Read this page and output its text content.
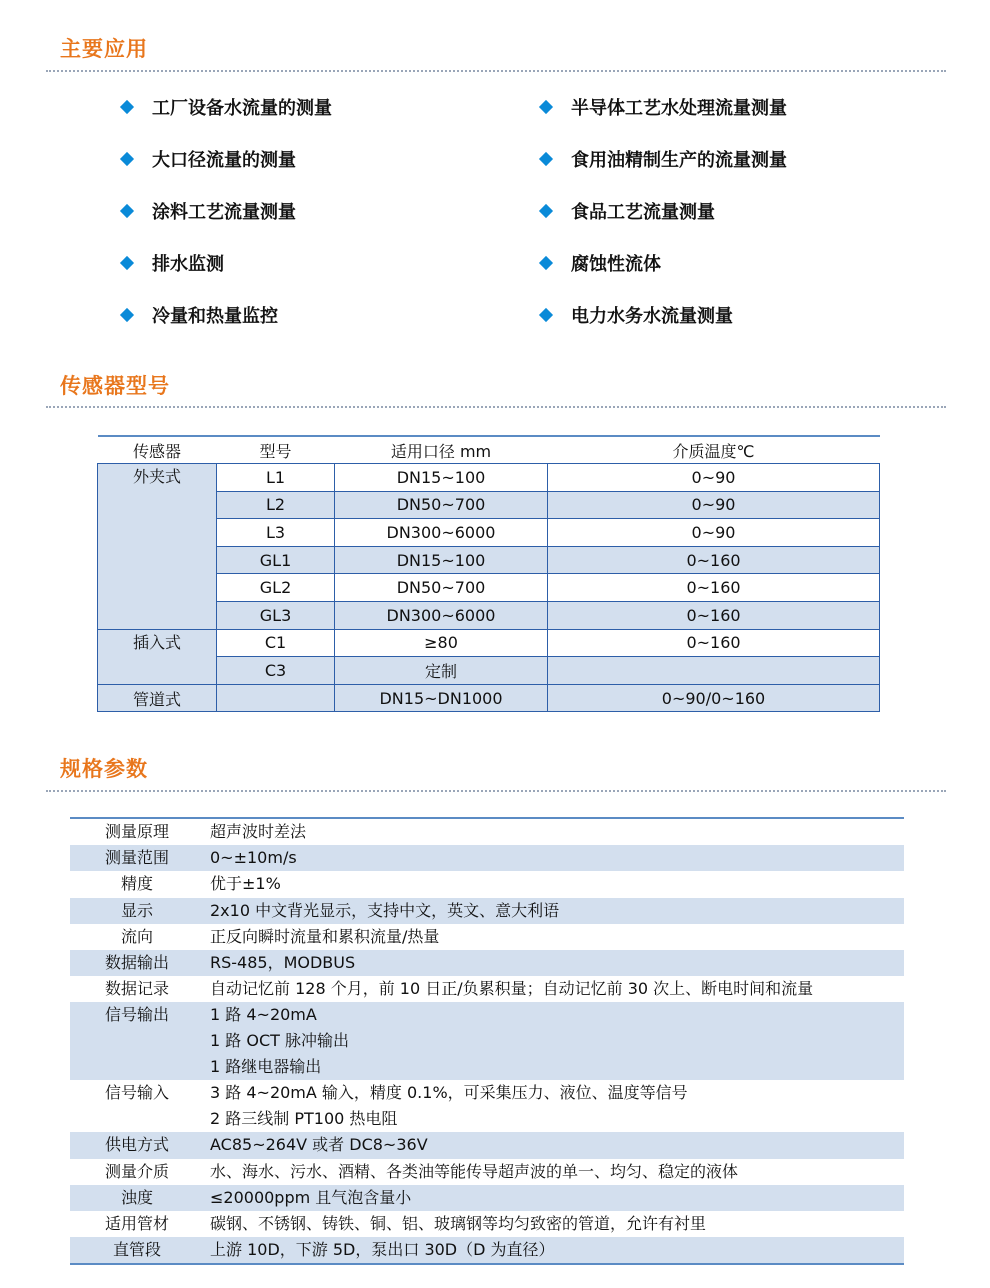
主要应用
工厂设备水流量的测量
大口径流量的测量
涂料工艺流量测量
排水监测
冷量和热量监控
半导体工艺水处理流量测量
食用油精制生产的流量测量
食品工艺流量测量
腐蚀性流体
电力水务水流量测量
传感器型号
传感器	型号	适用口径 mm	介质温度℃
外夹式	L1	DN15~100	0~90
	L2	DN50~700	0~90
	L3	DN300~6000	0~90
	GL1	DN15~100	0~160
	GL2	DN50~700	0~160
	GL3	DN300~6000	0~160
插入式	C1	≥80	0~160
	C3	定制	
管道式		DN15~DN1000	0~90/0~160
规格参数
测量原理	超声波时差法

测量范围	0~±10m/s

精度	优于±1%

显示	2x10 中文背光显示，支持中文，英文、意大利语

流向	正反向瞬时流量和累积流量/热量

数据输出	RS-485，MODBUS

数据记录	自动记忆前 128 个月，前 10 日正/负累积量；自动记忆前 30 次上、断电时间和流量

信号输出	1 路 4~20mA
1 路 OCT 脉冲输出
1 路继电器输出

信号输入	3 路 4~20mA 输入，精度 0.1%，可采集压力、液位、温度等信号
2 路三线制 PT100 热电阻

供电方式	AC85~264V 或者 DC8~36V

测量介质	水、海水、污水、酒精、各类油等能传导超声波的单一、均匀、稳定的液体

浊度	≤20000ppm 且气泡含量小

适用管材	碳钢、不锈钢、铸铁、铜、铝、玻璃钢等均匀致密的管道，允许有衬里

直管段	上游 10D，下游 5D，泵出口 30D（D 为直径）
